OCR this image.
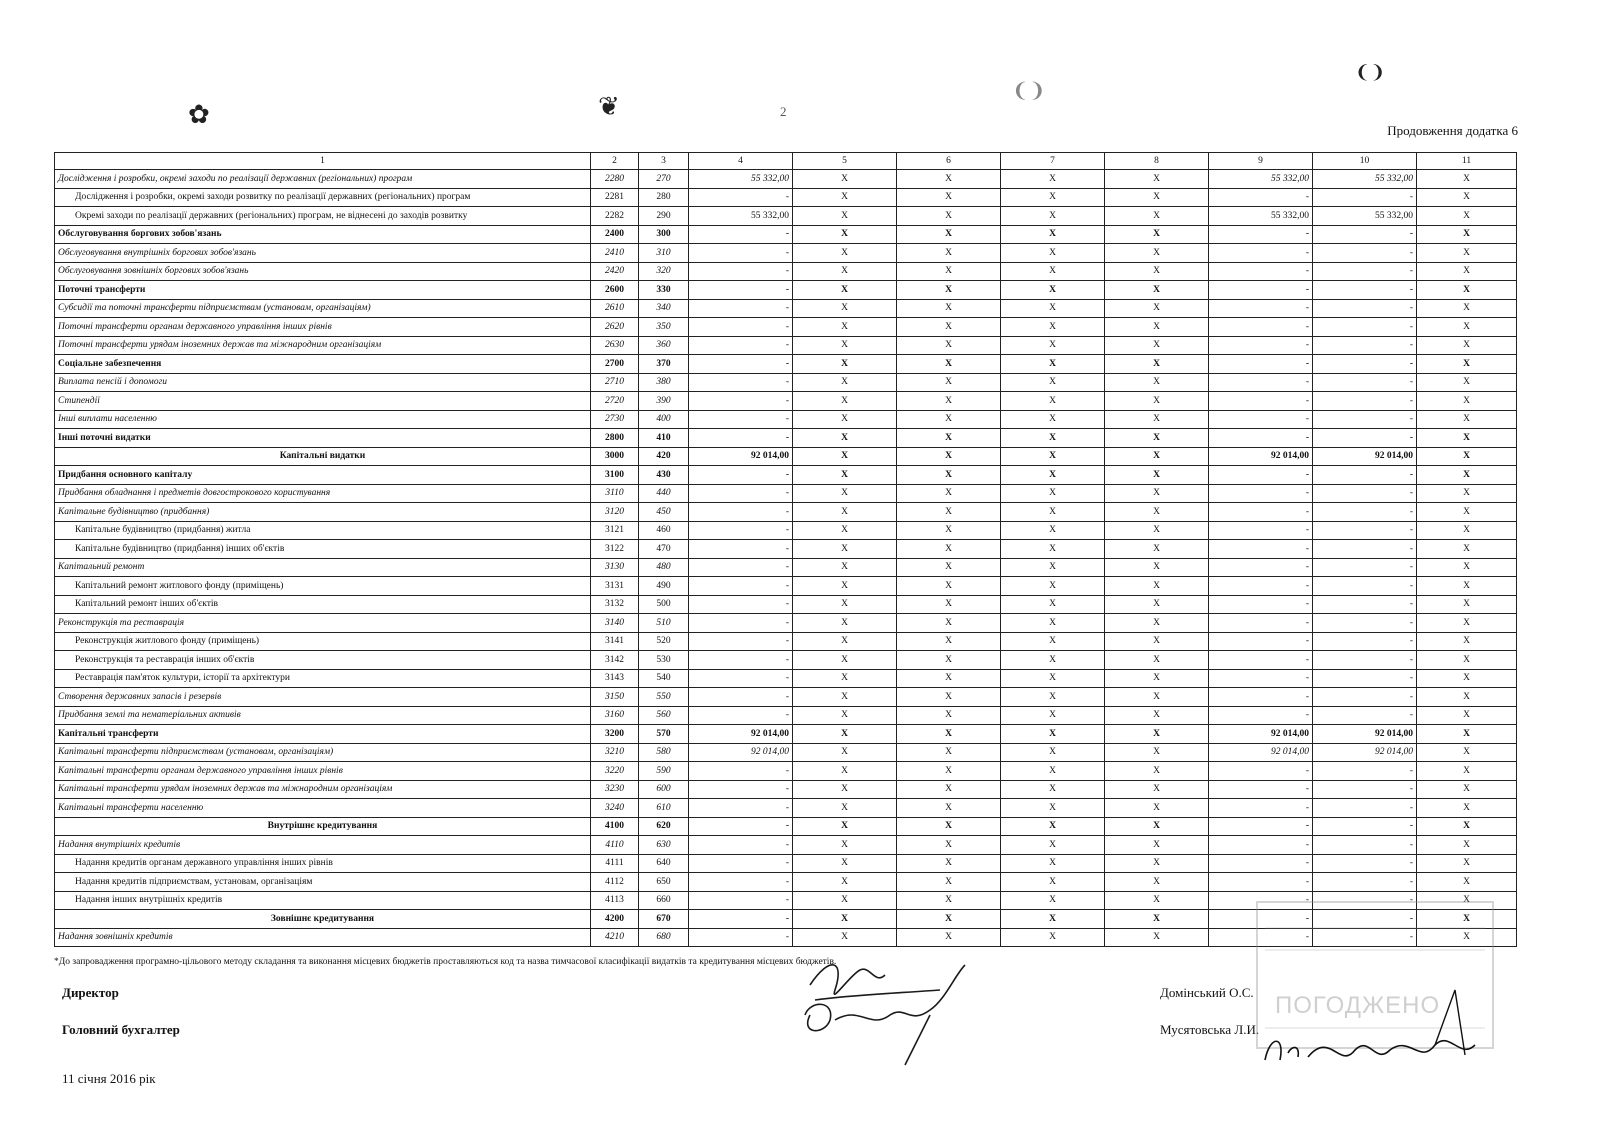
✿	❦
❨❩
❨❩
2
Продовження додатка 6
1	2	3	4	5	6	7	8	9	10	11
Дослідження і розробки, окремі заходи по реалізації державних (регіональних) програм	2280	270	55 332,00	X	X	X	X	55 332,00	55 332,00	X
Дослідження і розробки, окремі заходи розвитку по реалізації державних (регіональних) програм	2281	280	-	X	X	X	X	-	-	X
Окремі заходи по реалізації державних (регіональних) програм, не віднесені до заходів розвитку	2282	290	55 332,00	X	X	X	X	55 332,00	55 332,00	X
Обслуговування боргових зобов'язань	2400	300	-	X	X	X	X	-	-	X
Обслуговування внутрішніх боргових зобов'язань	2410	310	-	X	X	X	X	-	-	X
Обслуговування зовнішніх боргових зобов'язань	2420	320	-	X	X	X	X	-	-	X
Поточні трансферти	2600	330	-	X	X	X	X	-	-	X
Субсидії та поточні трансферти підприємствам (установам, організаціям)	2610	340	-	X	X	X	X	-	-	X
Поточні трансферти органам державного управління інших рівнів	2620	350	-	X	X	X	X	-	-	X
Поточні трансферти урядам іноземних держав та міжнародним організаціям	2630	360	-	X	X	X	X	-	-	X
Соціальне забезпечення	2700	370	-	X	X	X	X	-	-	X
Виплата пенсій і допомоги	2710	380	-	X	X	X	X	-	-	X
Стипендії	2720	390	-	X	X	X	X	-	-	X
Інші виплати населенню	2730	400	-	X	X	X	X	-	-	X
Інші поточні видатки	2800	410	-	X	X	X	X	-	-	X
Капітальні видатки	3000	420	92 014,00	X	X	X	X	92 014,00	92 014,00	X
Придбання основного капіталу	3100	430	-	X	X	X	X	-	-	X
Придбання обладнання і предметів довгострокового користування	3110	440	-	X	X	X	X	-	-	X
Капітальне будівництво (придбання)	3120	450	-	X	X	X	X	-	-	X
Капітальне будівництво (придбання) житла	3121	460	-	X	X	X	X	-	-	X
Капітальне будівництво (придбання) інших об'єктів	3122	470	-	X	X	X	X	-	-	X
Капітальний ремонт	3130	480	-	X	X	X	X	-	-	X
Капітальний ремонт житлового фонду (приміщень)	3131	490	-	X	X	X	X	-	-	X
Капітальний ремонт інших об'єктів	3132	500	-	X	X	X	X	-	-	X
Реконструкція та реставрація	3140	510	-	X	X	X	X	-	-	X
Реконструкція житлового фонду (приміщень)	3141	520	-	X	X	X	X	-	-	X
Реконструкція та реставрація інших об'єктів	3142	530	-	X	X	X	X	-	-	X
Реставрація пам'яток культури, історії та архітектури	3143	540	-	X	X	X	X	-	-	X
Створення державних запасів і резервів	3150	550	-	X	X	X	X	-	-	X
Придбання землі та нематеріальних активів	3160	560	-	X	X	X	X	-	-	X
Капітальні трансферти	3200	570	92 014,00	X	X	X	X	92 014,00	92 014,00	X
Капітальні трансферти підприємствам (установам, організаціям)	3210	580	92 014,00	X	X	X	X	92 014,00	92 014,00	X
Капітальні трансферти органам державного управління інших рівнів	3220	590	-	X	X	X	X	-	-	X
Капітальні трансферти урядам іноземних держав та міжнародним організаціям	3230	600	-	X	X	X	X	-	-	X
Капітальні трансферти населенню	3240	610	-	X	X	X	X	-	-	X
Внутрішнє кредитування	4100	620	-	X	X	X	X	-	-	X
Надання внутрішніх кредитів	4110	630	-	X	X	X	X	-	-	X
Надання кредитів органам державного управління інших рівнів	4111	640	-	X	X	X	X	-	-	X
Надання кредитів підприємствам, установам, організаціям	4112	650	-	X	X	X	X	-	-	X
Надання інших внутрішніх кредитів	4113	660	-	X	X	X	X	-	-	X
Зовнішнє кредитування	4200	670	-	X	X	X	X	-	-	X
Надання зовнішніх кредитів	4210	680	-	X	X	X	X	-	-	X
*До запровадження програмно-цільового методу складання та виконання місцевих бюджетів проставляються код та назва тимчасової класифікації видатків та кредитування місцевих бюджетів.
Директор
Головний бухгалтер
Домінський О.С.
Мусятовська Л.И.
11 січня 2016 рік
ПОГОДЖЕНО
